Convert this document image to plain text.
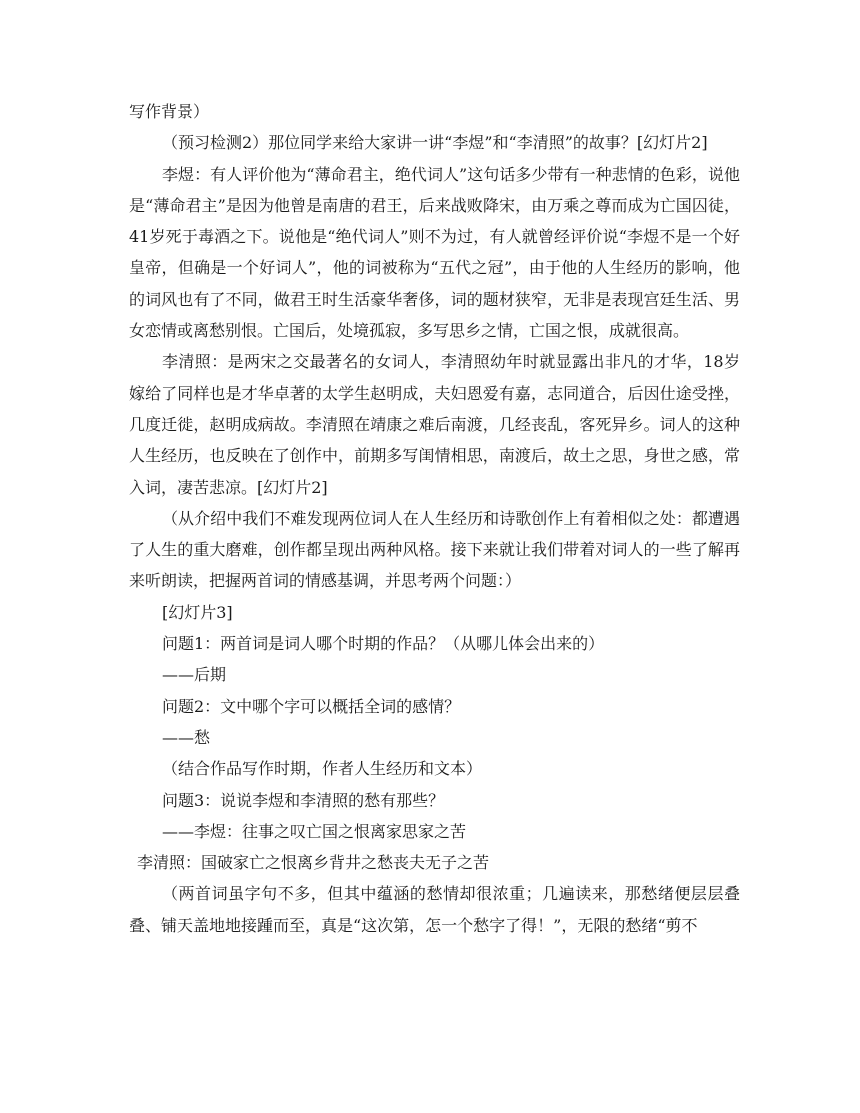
写作背景）

（预习检测2）那位同学来给大家讲一讲“李煜”和“李清照”的故事？[幻灯片2]

李煜：有人评价他为“薄命君主，绝代词人”这句话多少带有一种悲情的色彩，说他是“薄命君主”是因为他曾是南唐的君王，后来战败降宋，由万乘之尊而成为亡国囚徒，41岁死于毒酒之下。说他是“绝代词人”则不为过，有人就曾经评价说“李煜不是一个好皇帝，但确是一个好词人”，他的词被称为“五代之冠”，由于他的人生经历的影响，他的词风也有了不同，做君王时生活豪华奢侈，词的题材狭窄，无非是表现宫廷生活、男女恋情或离愁别恨。亡国后，处境孤寂，多写思乡之情，亡国之恨，成就很高。

李清照：是两宋之交最著名的女词人，李清照幼年时就显露出非凡的才华，18岁嫁给了同样也是才华卓著的太学生赵明成，夫妇恩爱有嘉，志同道合，后因仕途受挫，几度迁徙，赵明成病故。李清照在靖康之难后南渡，几经丧乱，客死异乡。词人的这种人生经历，也反映在了创作中，前期多写闺情相思，南渡后，故土之思，身世之感，常入词，凄苦悲凉。[幻灯片2]

（从介绍中我们不难发现两位词人在人生经历和诗歌创作上有着相似之处：都遭遇了人生的重大磨难，创作都呈现出两种风格。接下来就让我们带着对词人的一些了解再来听朗读，把握两首词的情感基调，并思考两个问题：）

[幻灯片3]

问题1：两首词是词人哪个时期的作品？（从哪儿体会出来的）

——后期

问题2：文中哪个字可以概括全词的感情？

——愁

（结合作品写作时期，作者人生经历和文本）

问题3：说说李煜和李清照的愁有那些？

——李煜：往事之叹亡国之恨离家思家之苦

李清照：国破家亡之恨离乡背井之愁丧夫无子之苦

（两首词虽字句不多，但其中蕴涵的愁情却很浓重；几遍读来，那愁绪便层层叠叠、铺天盖地地接踵而至，真是“这次第，怎一个愁字了得！”，无限的愁绪“剪不
